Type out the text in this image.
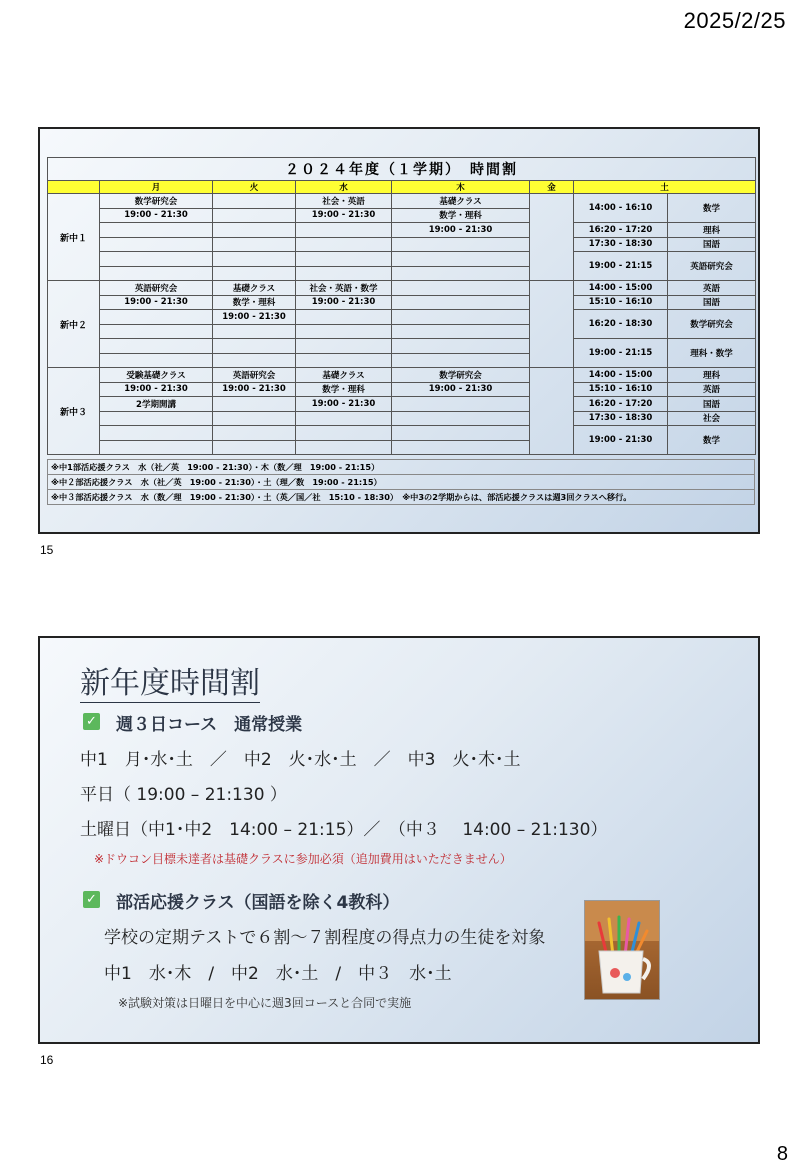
2025/2/25
２０２４年度（１学期）　時間割							
	月	火	水	木	金	土	
新中１	数学研究会		社会・英語	基礎クラス		14:00 - 16:10	数学
	19:00 - 21:30		19:00 - 21:30	数学・理科			
				19:00 - 21:30		16:20 - 17:20	理科
						17:30 - 18:30	国語
						19:00 - 21:15	英語研究会

新中２	英語研究会	基礎クラス	社会・英語・数学			14:00 - 15:00	英語
	19:00 - 21:30	数学・理科	19:00 - 21:30			15:10 - 16:10	国語
		19:00 - 21:30				16:20 - 18:30	数学研究会

						19:00 - 21:15	理科・数学

新中３	受験基礎クラス	英語研究会	基礎クラス	数学研究会		14:00 - 15:00	理科
	19:00 - 21:30	19:00 - 21:30	数学・理科	19:00 - 21:30		15:10 - 16:10	英語
	2学期開講		19:00 - 21:30			16:20 - 17:20	国語
						17:30 - 18:30	社会
						19:00 - 21:30	数学

※中1部活応援クラス　水（社／英　19:00 - 21:30）・木（数／理　19:00 - 21:15）
※中２部活応援クラス　水（社／英　19:00 - 21:30）・土（理／数　19:00 - 21:15）
※中３部活応援クラス　水（数／理　19:00 - 21:30）・土（英／国／社　15:10 - 18:30）　※中3の2学期からは、部活応援クラスは週3回クラスへ移行。
15
新年度時間割
✓ 週３日コース　通常授業
中1　月･水･土　／　中2　火･水･土　／　中3　火･木･土
平日（ 19:00 – 21:130 ）
土曜日（中1･中2　14:00 – 21:15）／　（中３　 14:00 – 21:130）
※ドウコン目標未達者は基礎クラスに参加必須（追加費用はいただきません）
✓ 部活応援クラス（国語を除く4教科）
学校の定期テストで６割～７割程度の得点力の生徒を対象
中1　水･木　/　中2　水･土　/　中３　水･土
※試験対策は日曜日を中心に週3回コースと合同で実施
16
8
